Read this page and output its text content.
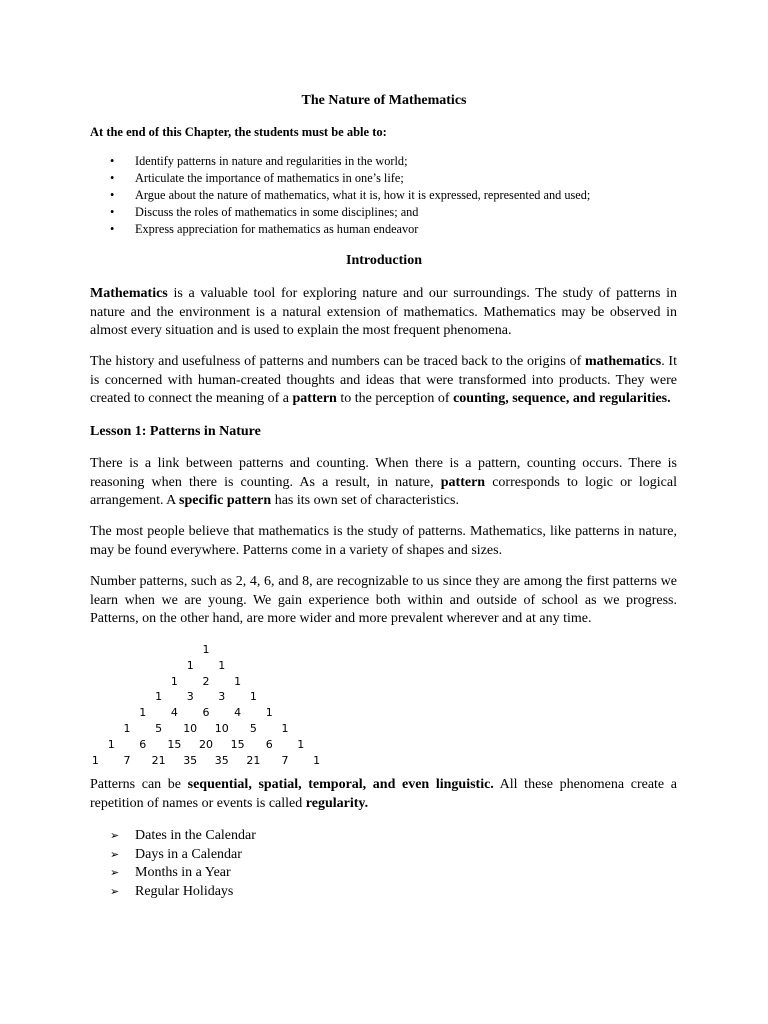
The Nature of Mathematics
At the end of this Chapter, the students must be able to:
• Identify patterns in nature and regularities in the world;
• Articulate the importance of mathematics in one’s life;
• Argue about the nature of mathematics, what it is, how it is expressed, represented and used;
• Discuss the roles of mathematics in some disciplines; and
• Express appreciation for mathematics as human endeavor
Introduction

Mathematics is a valuable tool for exploring nature and our surroundings. The study of patterns in nature and the environment is a natural extension of mathematics. Mathematics may be observed in almost every situation and is used to explain the most frequent phenomena.

The history and usefulness of patterns and numbers can be traced back to the origins of mathematics. It is concerned with human-created thoughts and ideas that were transformed into products. They were created to connect the meaning of a pattern to the perception of counting, sequence, and regularities.

Lesson 1: Patterns in Nature

There is a link between patterns and counting. When there is a pattern, counting occurs. There is reasoning when there is counting. As a result, in nature, pattern corresponds to logic or logical arrangement. A specific pattern has its own set of characteristics.

The most people believe that mathematics is the study of patterns. Mathematics, like patterns in nature, may be found everywhere. Patterns come in a variety of shapes and sizes.

Number patterns, such as 2, 4, 6, and 8, are recognizable to us since they are among the first patterns we learn when we are young. We gain experience both within and outside of school as we progress. Patterns, on the other hand, are more wider and more prevalent wherever and at any time.

1
1 1
1 2 1
1 3 3 1
1 4 6 4 1
1 5 10 10 5 1
1 6 15 20 15 6 1
1 7 21 35 35 21 7 1

Patterns can be sequential, spatial, temporal, and even linguistic. All these phenomena create a repetition of names or events is called regularity.

➢ Dates in the Calendar
➢ Days in a Calendar
➢ Months in a Year
➢ Regular Holidays
